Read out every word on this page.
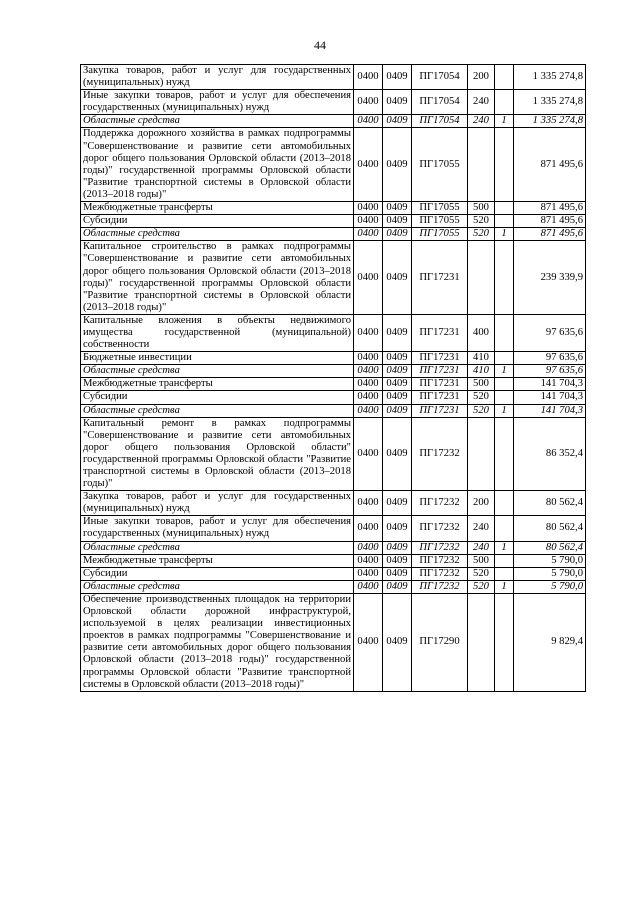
44
Закупка товаров, работ и услуг для государственных (муниципальных) нужд	0400	0409	ПГ17054	200		1 335 274,8
Иные закупки товаров, работ и услуг для обеспечения государственных (муниципальных) нужд	0400	0409	ПГ17054	240		1 335 274,8
Областные средства	0400	0409	ПГ17054	240	1	1 335 274,8
Поддержка дорожного хозяйства в рамках подпрограммы "Совершенствование и развитие сети автомобильных дорог общего пользования Орловской области (2013–2018 годы)" государственной программы Орловской области "Развитие транспортной системы в Орловской области (2013–2018 годы)"	0400	0409	ПГ17055			871 495,6
Межбюджетные трансферты	0400	0409	ПГ17055	500		871 495,6
Субсидии	0400	0409	ПГ17055	520		871 495,6
Областные средства	0400	0409	ПГ17055	520	1	871 495,6
Капитальное строительство в рамках подпрограммы "Совершенствование и развитие сети автомобильных дорог общего пользования Орловской области (2013–2018 годы)" государственной программы Орловской области "Развитие транспортной системы в Орловской области (2013–2018 годы)"	0400	0409	ПГ17231			239 339,9
Капитальные вложения в объекты недвижимого имущества государственной (муниципальной) собственности	0400	0409	ПГ17231	400		97 635,6
Бюджетные инвестиции	0400	0409	ПГ17231	410		97 635,6
Областные средства	0400	0409	ПГ17231	410	1	97 635,6
Межбюджетные трансферты	0400	0409	ПГ17231	500		141 704,3
Субсидии	0400	0409	ПГ17231	520		141 704,3
Областные средства	0400	0409	ПГ17231	520	1	141 704,3
Капитальный ремонт в рамках подпрограммы "Совершенствование и развитие сети автомобильных дорог общего пользования Орловской области" государственной программы Орловской области "Развитие транспортной системы в Орловской области (2013–2018 годы)"	0400	0409	ПГ17232			86 352,4
Закупка товаров, работ и услуг для государственных (муниципальных) нужд	0400	0409	ПГ17232	200		80 562,4
Иные закупки товаров, работ и услуг для обеспечения государственных (муниципальных) нужд	0400	0409	ПГ17232	240		80 562,4
Областные средства	0400	0409	ПГ17232	240	1	80 562,4
Межбюджетные трансферты	0400	0409	ПГ17232	500		5 790,0
Субсидии	0400	0409	ПГ17232	520		5 790,0
Областные средства	0400	0409	ПГ17232	520	1	5 790,0
Обеспечение производственных площадок на территории Орловской области дорожной инфраструктурой, используемой в целях реализации инвестиционных проектов в рамках подпрограммы "Совершенствование и развитие сети автомобильных дорог общего пользования Орловской области (2013–2018 годы)" государственной программы Орловской области "Развитие транспортной системы в Орловской области (2013–2018 годы)"	0400	0409	ПГ17290			9 829,4
